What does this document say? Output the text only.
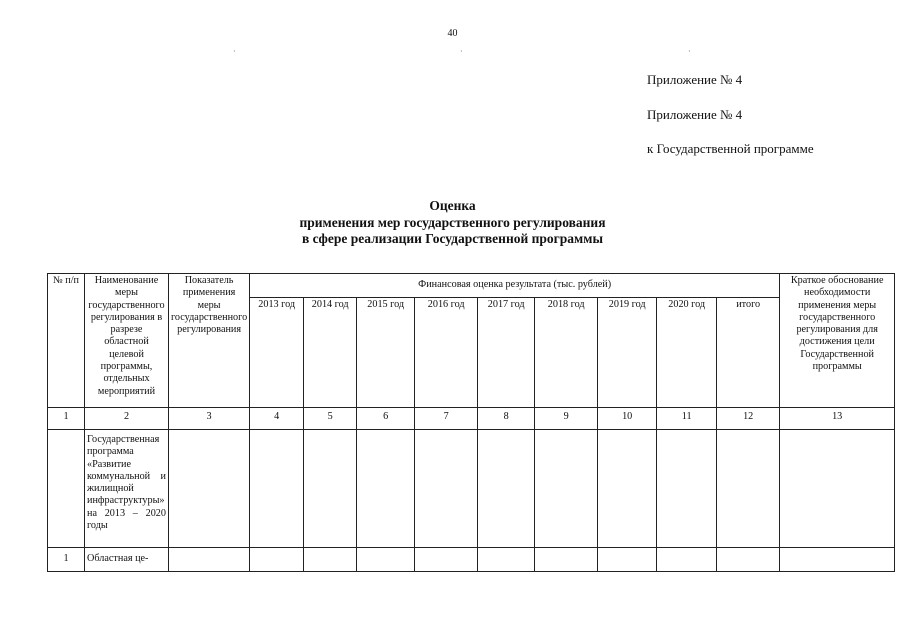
40
·	·	·
Приложение № 4
Приложение № 4
к Государственной программе
Оценка
применения мер государственного регулирования
в сфере реализации Государственной программы
№ п/п	Наименование меры государственного регулирования в разрезе областной целевой программы, отдельных мероприятий	Показатель применения меры государственного регулирования	Финансовая оценка результата (тыс. рублей)									Краткое обоснование необходимости применения меры государственного регулирования для достижения цели Государственной программы
			2013 год	2014 год	2015 год	2016 год	2017 год	2018 год	2019 год	2020 год	итого	
1	2	3	4	5	6	7	8	9	10	11	12	13
	Государственная программа «Развитие коммунальной и жилищной инфраструктуры» на 2013 – 2020 годы											
1	Областная це-											
